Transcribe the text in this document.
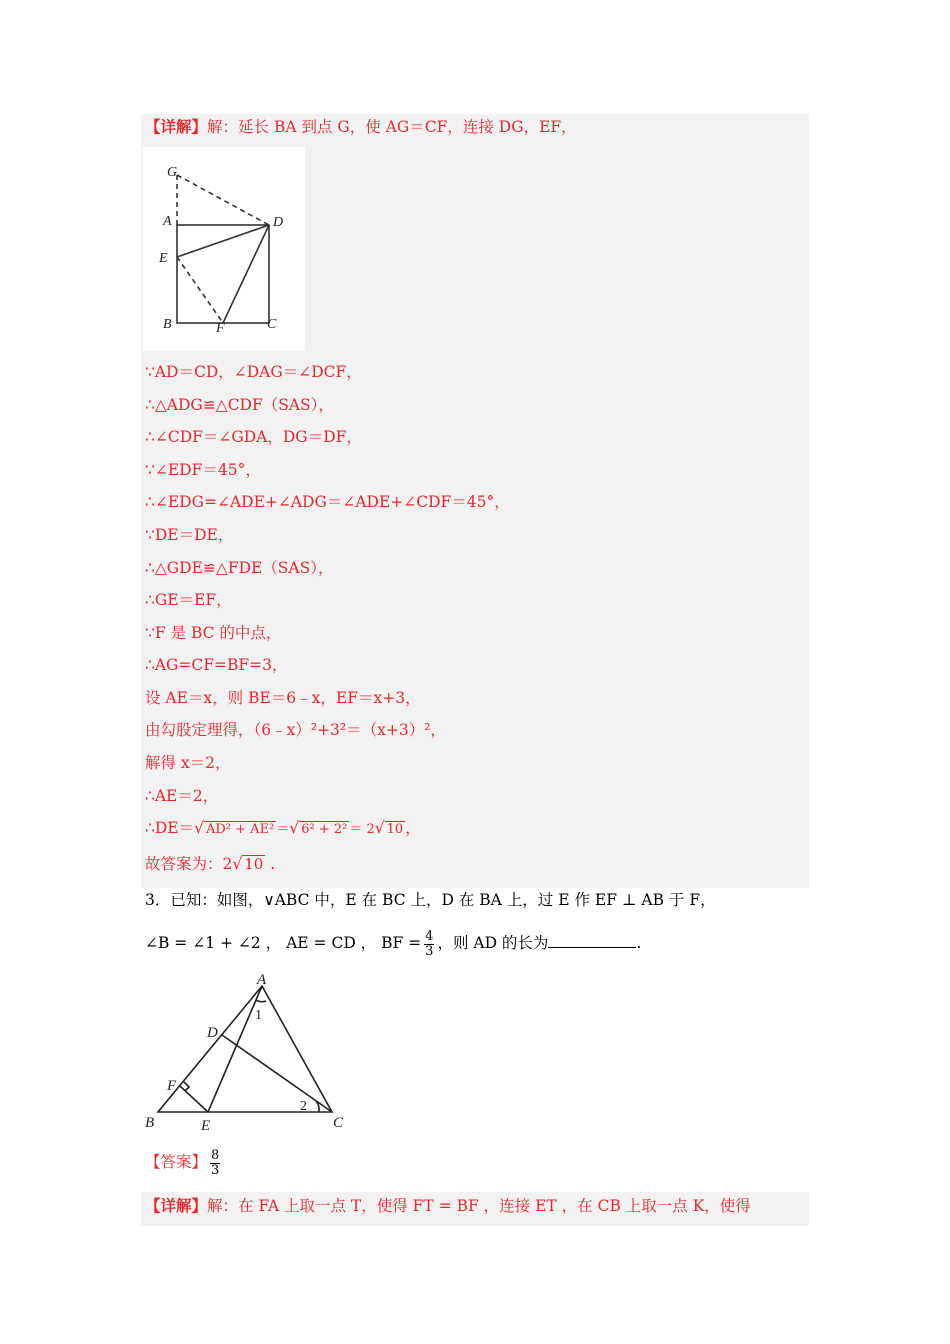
【详解】解：延长 BA 到点 G，使 AG＝CF，连接 DG，EF，
G
A	D
E
B	F	C
∵AD＝CD，∠DAG＝∠DCF，
∴△ADG≌△CDF（SAS），
∴∠CDF＝∠GDA，DG＝DF，
∵∠EDF＝45°，
∴∠EDG=∠ADE+∠ADG＝∠ADE+∠CDF＝45°，
∵DE＝DE，
∴△GDE≌△FDE（SAS），
∴GE＝EF，
∵F 是 BC 的中点，
∴AG=CF=BF=3，
设 AE＝x，则 BE＝6﹣x，EF＝x+3，
由勾股定理得，（6﹣x）²+3²＝（x+3）²，
解得 x＝2，
∴AE＝2，
∴DE＝√ AD² + AE² ＝√ 6² + 2² ＝ 2√ 10 ，
故答案为：2√ 10 .
3．已知：如图，∨ABC 中，E 在 BC 上，D 在 BA 上，过 E 作 EF ⊥ AB 于 F，
∠B = ∠1 + ∠2 ， AE = CD ， BF = $\frac{4}{3}$ ，则 AD 的长为	.
A
D
F
B	E	C
1
2
【答案】 $\frac{8}{3}$
【详解】解：在 FA 上取一点 T，使得 FT = BF ，连接 ET ，在 CB 上取一点 K，使得
